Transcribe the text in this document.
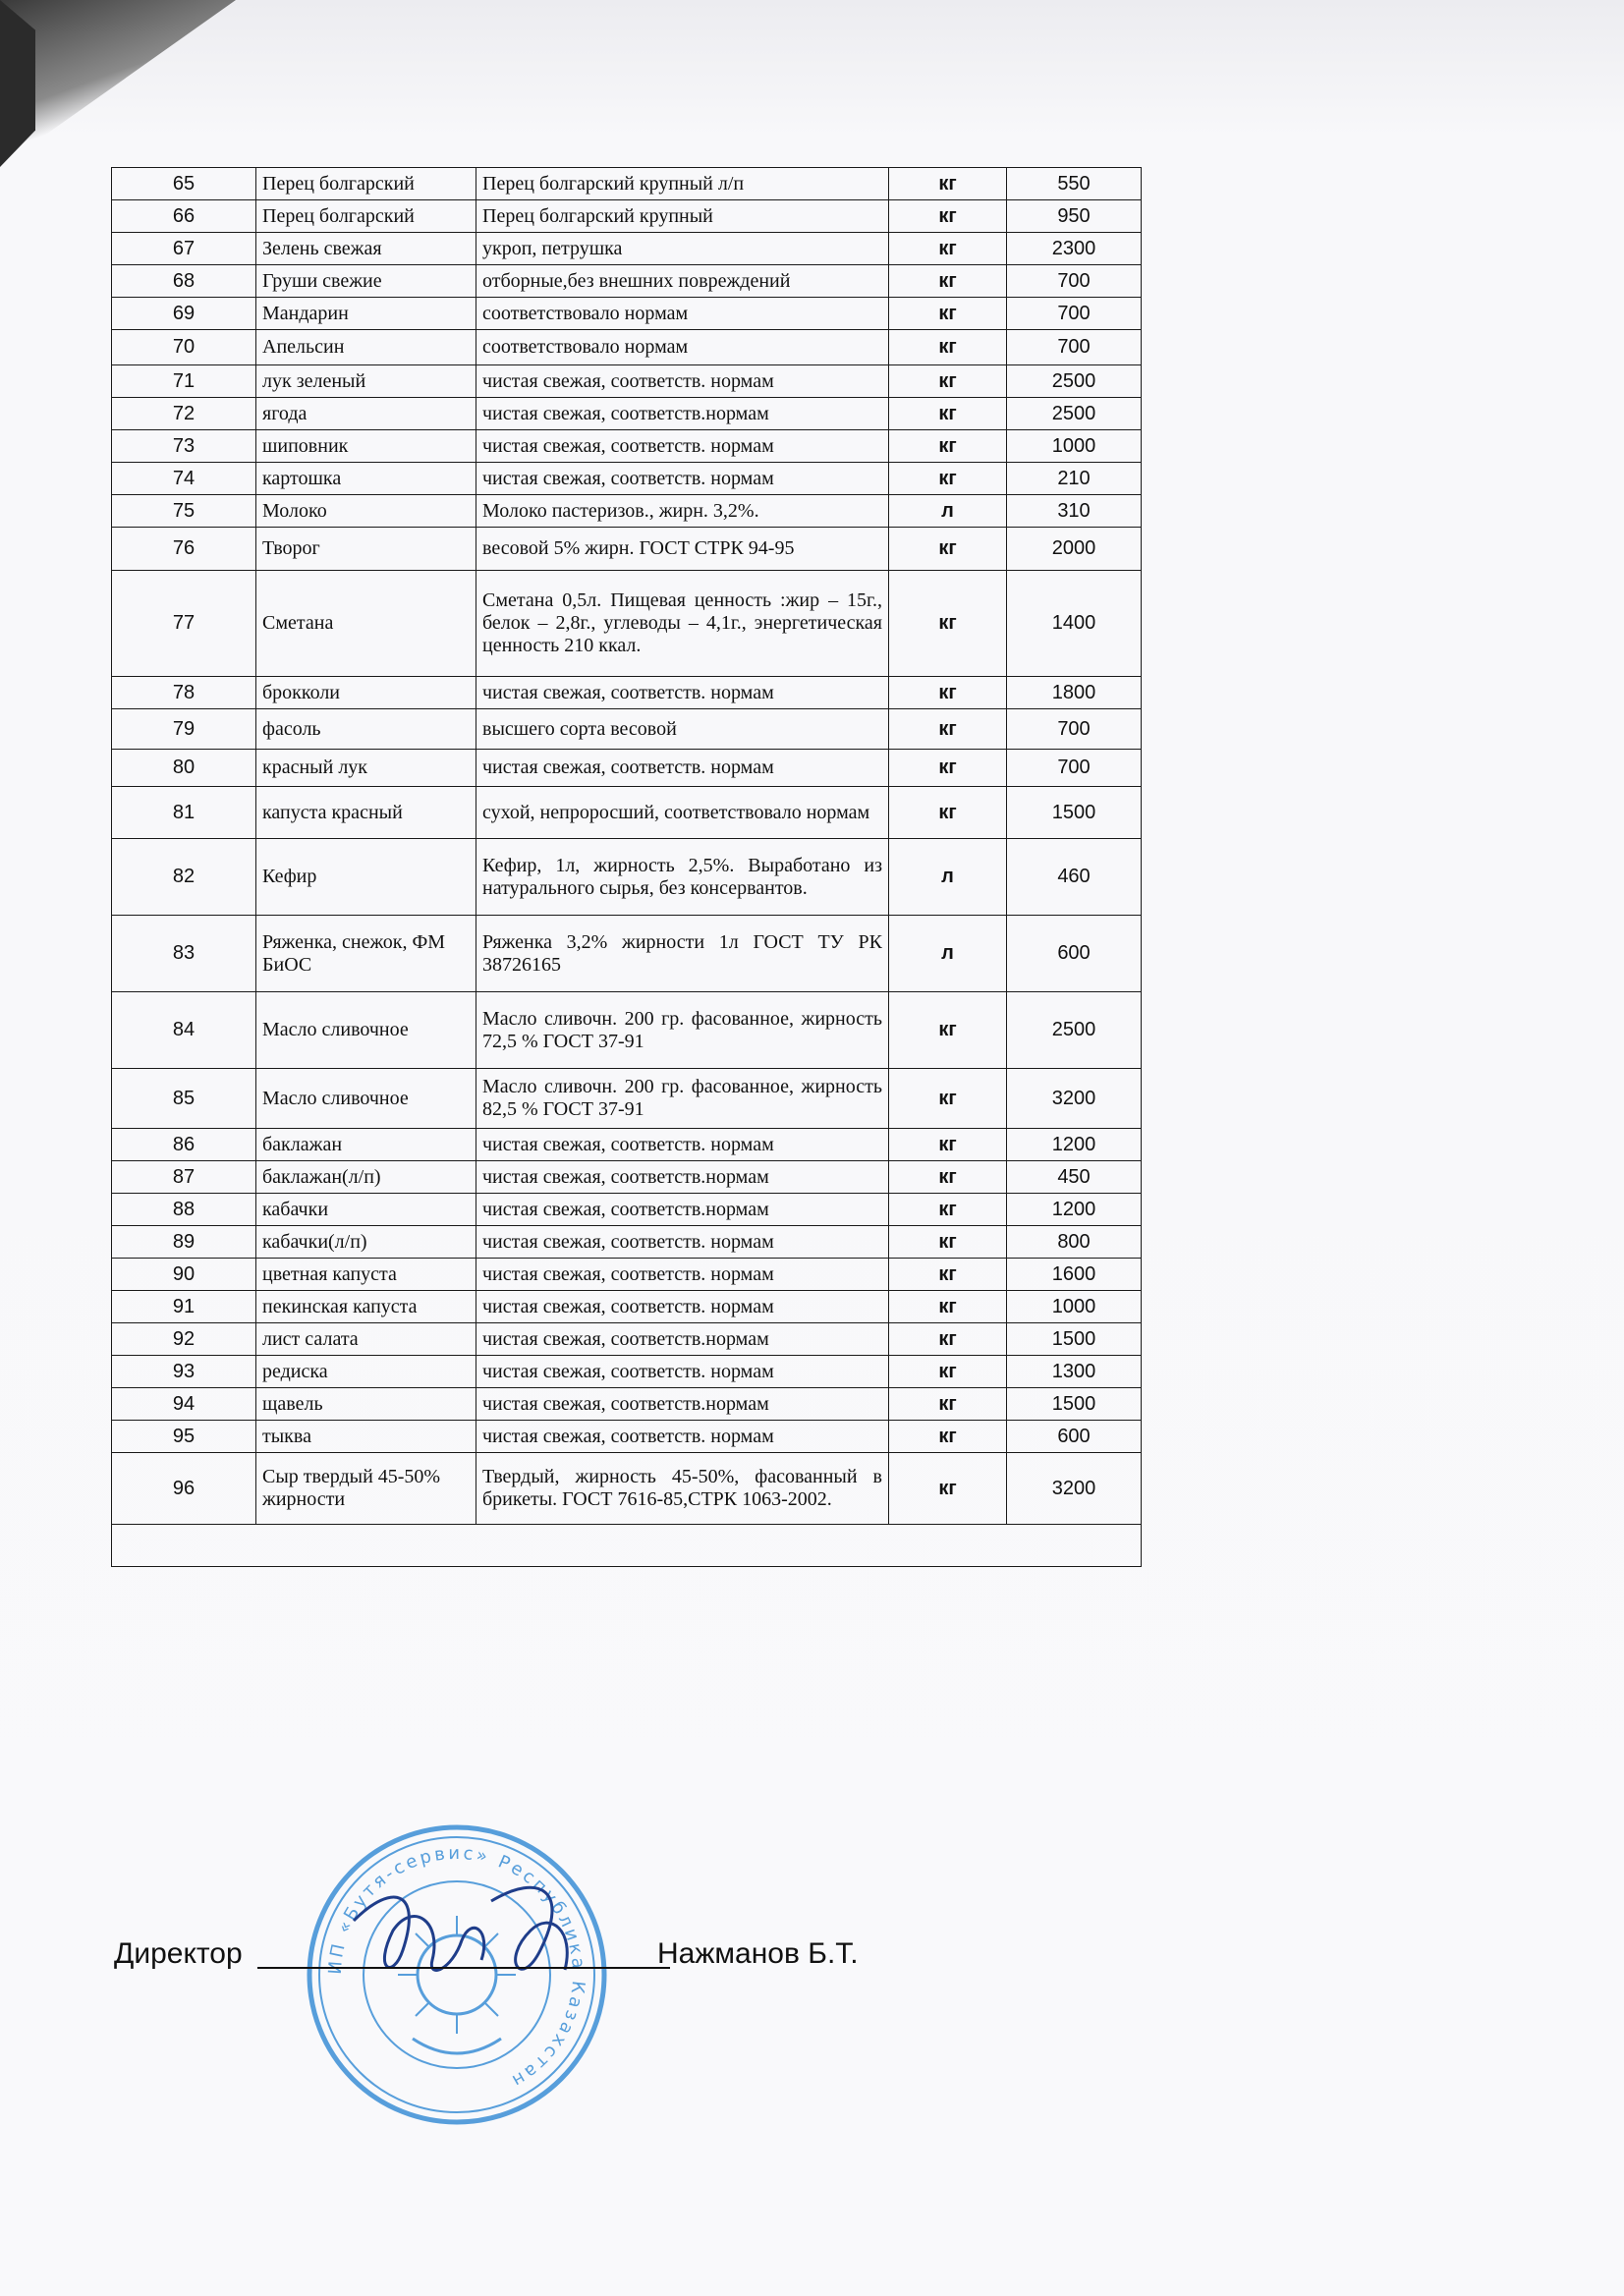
65	Перец болгарский	Перец болгарский крупный л/п	кг	550
66	Перец болгарский	Перец болгарский крупный	кг	950
67	Зелень свежая	укроп, петрушка	кг	2300
68	Груши свежие	отборные,без внешних повреждений	кг	700
69	Мандарин	соответствовало нормам	кг	700
70	Апельсин	соответствовало нормам	кг	700
71	лук зеленый	чистая свежая, соответств. нормам	кг	2500
72	ягода	чистая свежая, соответств.нормам	кг	2500
73	шиповник	чистая свежая, соответств. нормам	кг	1000
74	картошка	чистая свежая, соответств. нормам	кг	210
75	Молоко	Молоко пастеризов., жирн. 3,2%.	л	310
76	Творог	весовой 5% жирн. ГОСТ СТРК 94-95	кг	2000
77	Сметана	Сметана 0,5л. Пищевая ценность :жир – 15г., белок – 2,8г., углеводы – 4,1г., энергетическая ценность 210 ккал.	кг	1400
78	брокколи	чистая свежая, соответств. нормам	кг	1800
79	фасоль	высшего сорта весовой	кг	700
80	красный лук	чистая свежая, соответств. нормам	кг	700
81	капуста красный	сухой, непроросший, соответствовало нормам	кг	1500
82	Кефир	Кефир, 1л, жирность 2,5%. Выработано из натурального сырья, без консервантов.	л	460
83	Ряженка, снежок, ФМ БиОС	Ряженка 3,2% жирности 1л ГОСТ ТУ РК 38726165	л	600
84	Масло сливочное	Масло сливочн. 200 гр. фасованное, жирность 72,5 % ГОСТ 37-91	кг	2500
85	Масло сливочное	Масло сливочн. 200 гр. фасованное, жирность 82,5 % ГОСТ 37-91	кг	3200
86	баклажан	чистая свежая, соответств. нормам	кг	1200
87	баклажан(л/п)	чистая свежая, соответств.нормам	кг	450
88	кабачки	чистая свежая, соответств.нормам	кг	1200
89	кабачки(л/п)	чистая свежая, соответств. нормам	кг	800
90	цветная капуста	чистая свежая, соответств. нормам	кг	1600
91	пекинская капуста	чистая свежая, соответств. нормам	кг	1000
92	лист салата	чистая свежая, соответств.нормам	кг	1500
93	редиска	чистая свежая, соответств. нормам	кг	1300
94	щавель	чистая свежая, соответств.нормам	кг	1500
95	тыква	чистая свежая, соответств. нормам	кг	600
96	Сыр твердый 45-50% жирности	Твердый, жирность 45-50%, фасованный в брикеты. ГОСТ 7616-85,СТРК 1063-2002.	кг	3200

ИП «Бутя-сервис» Республика Казахстан
Директор	Нажманов Б.Т.
